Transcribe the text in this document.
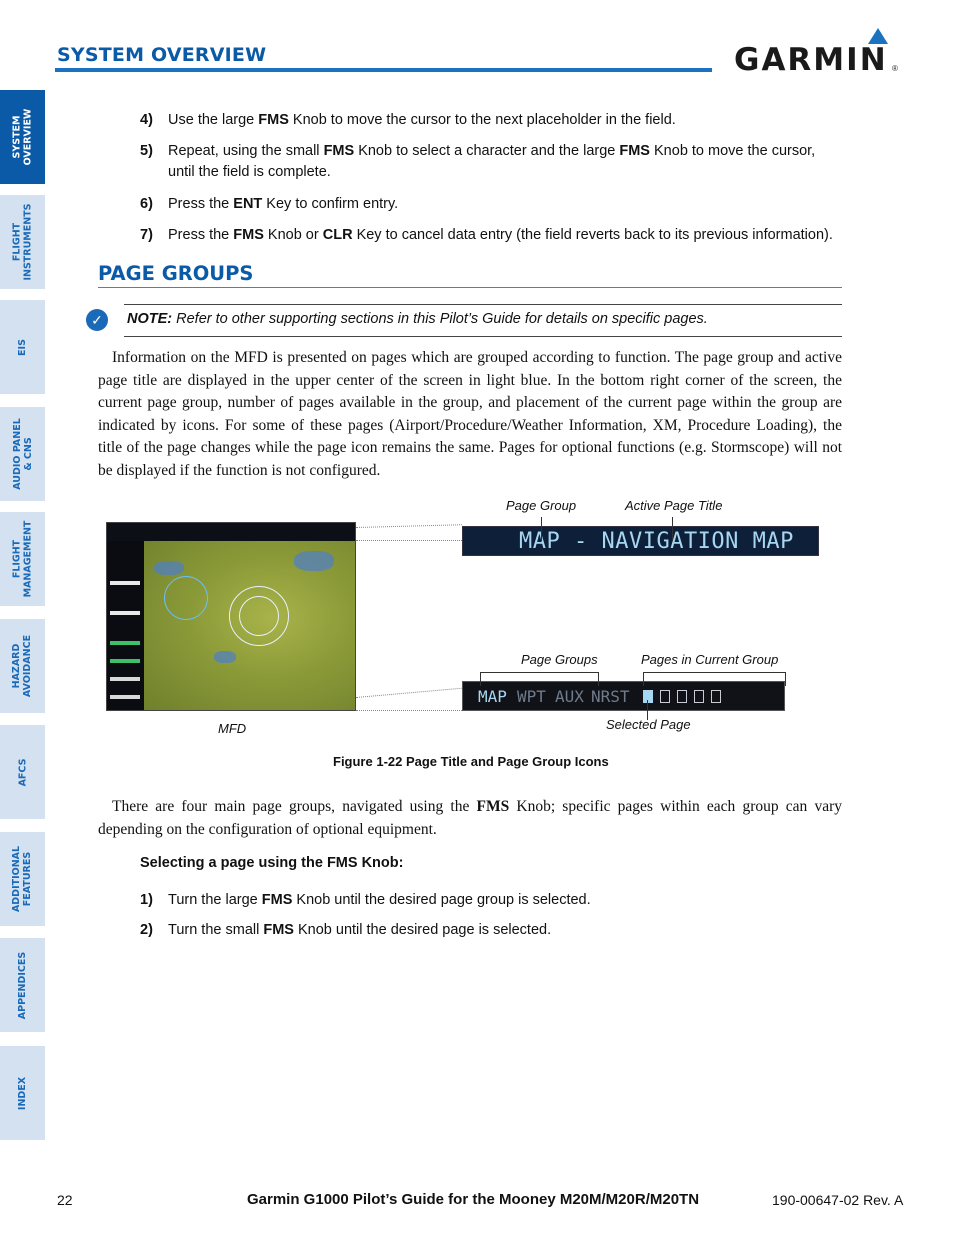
SYSTEM OVERVIEW	GARMIN ®
SYSTEM
OVERVIEW
FLIGHT
INSTRUMENTS
EIS
AUDIO PANEL
& CNS
FLIGHT
MANAGEMENT
HAZARD
AVOIDANCE
AFCS
ADDITIONAL
FEATURES
APPENDICES
INDEX
4)	Use the large FMS Knob to move the cursor to the next placeholder in the field.
5)	Repeat, using the small FMS Knob to select a character and the large FMS Knob to move the cursor, until the field is complete.
6)	Press the ENT Key to confirm entry.
7)	Press the FMS Knob or CLR Key to cancel data entry (the field reverts back to its previous information).
PAGE GROUPS
✓	NOTE: Refer to other supporting sections in this Pilot’s Guide for details on specific pages.
Information on the MFD is presented on pages which are grouped according to function. The page group and active page title are displayed in the upper center of the screen in light blue. In the bottom right corner of the screen, the current page group, number of pages available in the group, and placement of the current page within the group are indicated by icons. For some of these pages (Airport/Procedure/Weather Information, XM, Procedure Loading), the title of the page changes while the page icon remains the same. Pages for optional functions (e.g. Stormscope) will not be displayed if the function is not configured.
MAP - NAVIGATION MAP
MAP WPT AUX NRST
Page Group	Active Page Title
Page Groups	Pages in Current Group
Selected Page
MFD
Figure 1-22 Page Title and Page Group Icons
There are four main page groups, navigated using the FMS Knob; specific pages within each group can vary depending on the configuration of optional equipment.
Selecting a page using the FMS Knob:
1)	Turn the large FMS Knob until the desired page group is selected.
2)	Turn the small FMS Knob until the desired page is selected.
22	Garmin G1000 Pilot’s Guide for the Mooney M20M/M20R/M20TN	190-00647-02 Rev. A
